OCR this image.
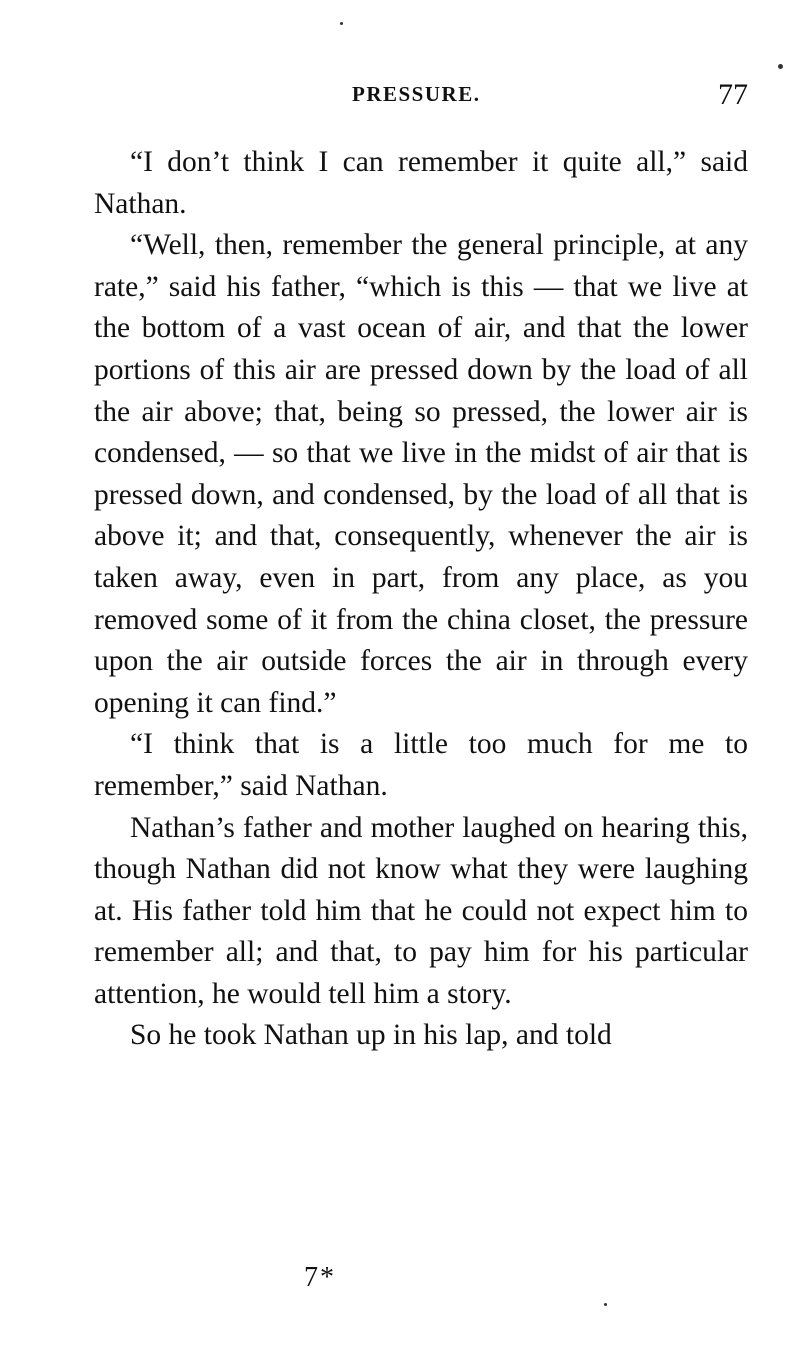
PRESSURE.	77

“I don’t think I can remember it quite all,” said Nathan.

“Well, then, remember the general principle, at any rate,” said his father, “which is this — that we live at the bottom of a vast ocean of air, and that the lower portions of this air are pressed down by the load of all the air above; that, being so pressed, the lower air is condensed, — so that we live in the midst of air that is pressed down, and condensed, by the load of all that is above it; and that, consequently, whenever the air is taken away, even in part, from any place, as you removed some of it from the china closet, the pressure upon the air outside forces the air in through every opening it can find.”

“I think that is a little too much for me to remember,” said Nathan.

Nathan’s father and mother laughed on hearing this, though Nathan did not know what they were laughing at. His father told him that he could not expect him to remember all; and that, to pay him for his particular attention, he would tell him a story.

So he took Nathan up in his lap, and told

7*
